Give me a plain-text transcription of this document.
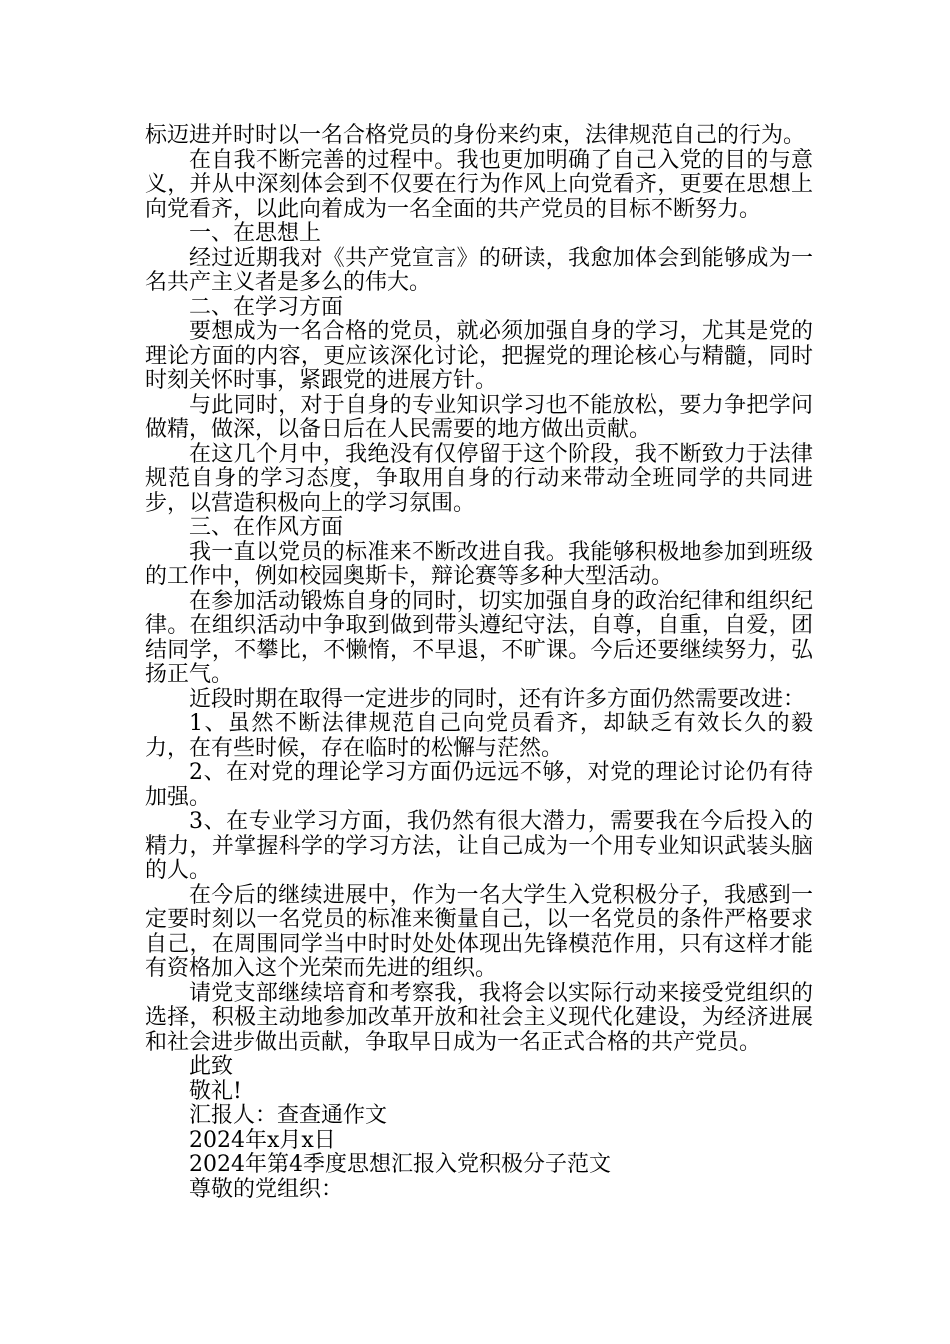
标迈进并时时以一名合格党员的身份来约束，法律规范自己的行为。

在自我不断完善的过程中。我也更加明确了自己入党的目的与意义，并从中深刻体会到不仅要在行为作风上向党看齐，更要在思想上向党看齐，以此向着成为一名全面的共产党员的目标不断努力。

一、在思想上

经过近期我对《共产党宣言》的研读，我愈加体会到能够成为一名共产主义者是多么的伟大。

二、在学习方面

要想成为一名合格的党员，就必须加强自身的学习，尤其是党的理论方面的内容，更应该深化讨论，把握党的理论核心与精髓，同时时刻关怀时事，紧跟党的进展方针。

与此同时，对于自身的专业知识学习也不能放松，要力争把学问做精，做深，以备日后在人民需要的地方做出贡献。

在这几个月中，我绝没有仅停留于这个阶段，我不断致力于法律规范自身的学习态度，争取用自身的行动来带动全班同学的共同进步，以营造积极向上的学习氛围。

三、在作风方面

我一直以党员的标准来不断改进自我。我能够积极地参加到班级的工作中，例如校园奥斯卡，辩论赛等多种大型活动。

在参加活动锻炼自身的同时，切实加强自身的政治纪律和组织纪律。在组织活动中争取到做到带头遵纪守法，自尊，自重，自爱，团结同学，不攀比，不懒惰，不早退，不旷课。今后还要继续努力，弘扬正气。

近段时期在取得一定进步的同时，还有许多方面仍然需要改进：

1、虽然不断法律规范自己向党员看齐，却缺乏有效长久的毅力，在有些时候，存在临时的松懈与茫然。

2、在对党的理论学习方面仍远远不够，对党的理论讨论仍有待加强。

3、在专业学习方面，我仍然有很大潜力，需要我在今后投入的精力，并掌握科学的学习方法，让自己成为一个用专业知识武装头脑的人。

在今后的继续进展中，作为一名大学生入党积极分子，我感到一定要时刻以一名党员的标准来衡量自己，以一名党员的条件严格要求自己，在周围同学当中时时处处体现出先锋模范作用，只有这样才能有资格加入这个光荣而先进的组织。

请党支部继续培育和考察我，我将会以实际行动来接受党组织的选择，积极主动地参加改革开放和社会主义现代化建设，为经济进展和社会进步做出贡献，争取早日成为一名正式合格的共产党员。

此致

敬礼!

汇报人：查查通作文

2024年x月x日

2024年第4季度思想汇报入党积极分子范文

尊敬的党组织：
